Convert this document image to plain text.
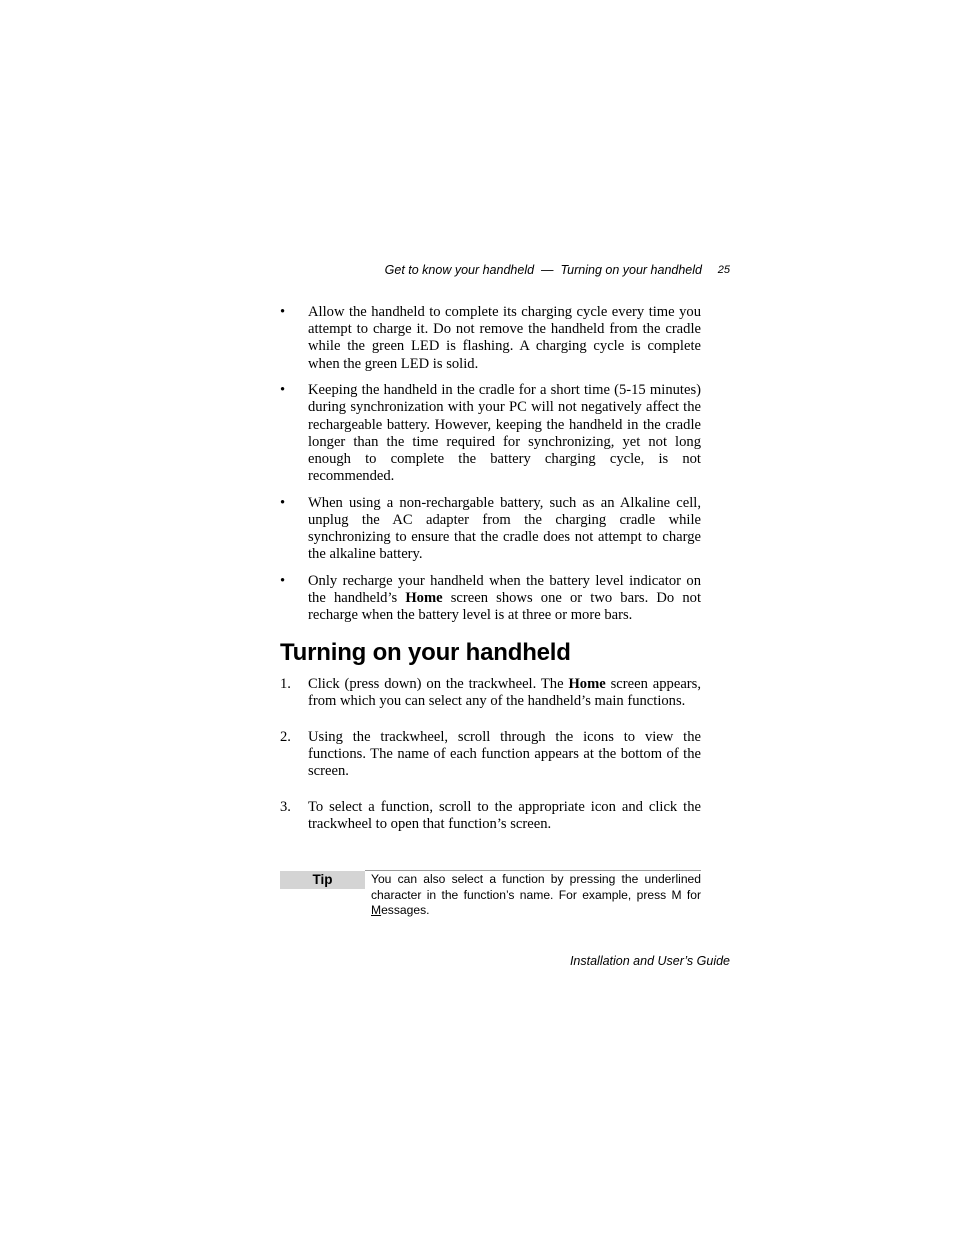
Get to know your handheld — Turning on your handheld 25
• Allow the handheld to complete its charging cycle every time you attempt to charge it. Do not remove the handheld from the cradle while the green LED is flashing. A charging cycle is complete when the green LED is solid.
• Keeping the handheld in the cradle for a short time (5-15 minutes) during synchronization with your PC will not negatively affect the rechargeable battery. However, keeping the handheld in the cradle longer than the time required for synchronizing, yet not long enough to complete the battery charging cycle, is not recommended.
• When using a non-rechargable battery, such as an Alkaline cell, unplug the AC adapter from the charging cradle while synchronizing to ensure that the cradle does not attempt to charge the alkaline battery.
• Only recharge your handheld when the battery level indicator on the handheld’s Home screen shows one or two bars. Do not recharge when the battery level is at three or more bars.
Turning on your handheld
1. Click (press down) on the trackwheel. The Home screen appears, from which you can select any of the handheld’s main functions.
2. Using the trackwheel, scroll through the icons to view the functions. The name of each function appears at the bottom of the screen.
3. To select a function, scroll to the appropriate icon and click the trackwheel to open that function’s screen.
Tip	You can also select a function by pressing the underlined character in the function’s name. For example, press M for Messages.
Installation and User’s Guide
